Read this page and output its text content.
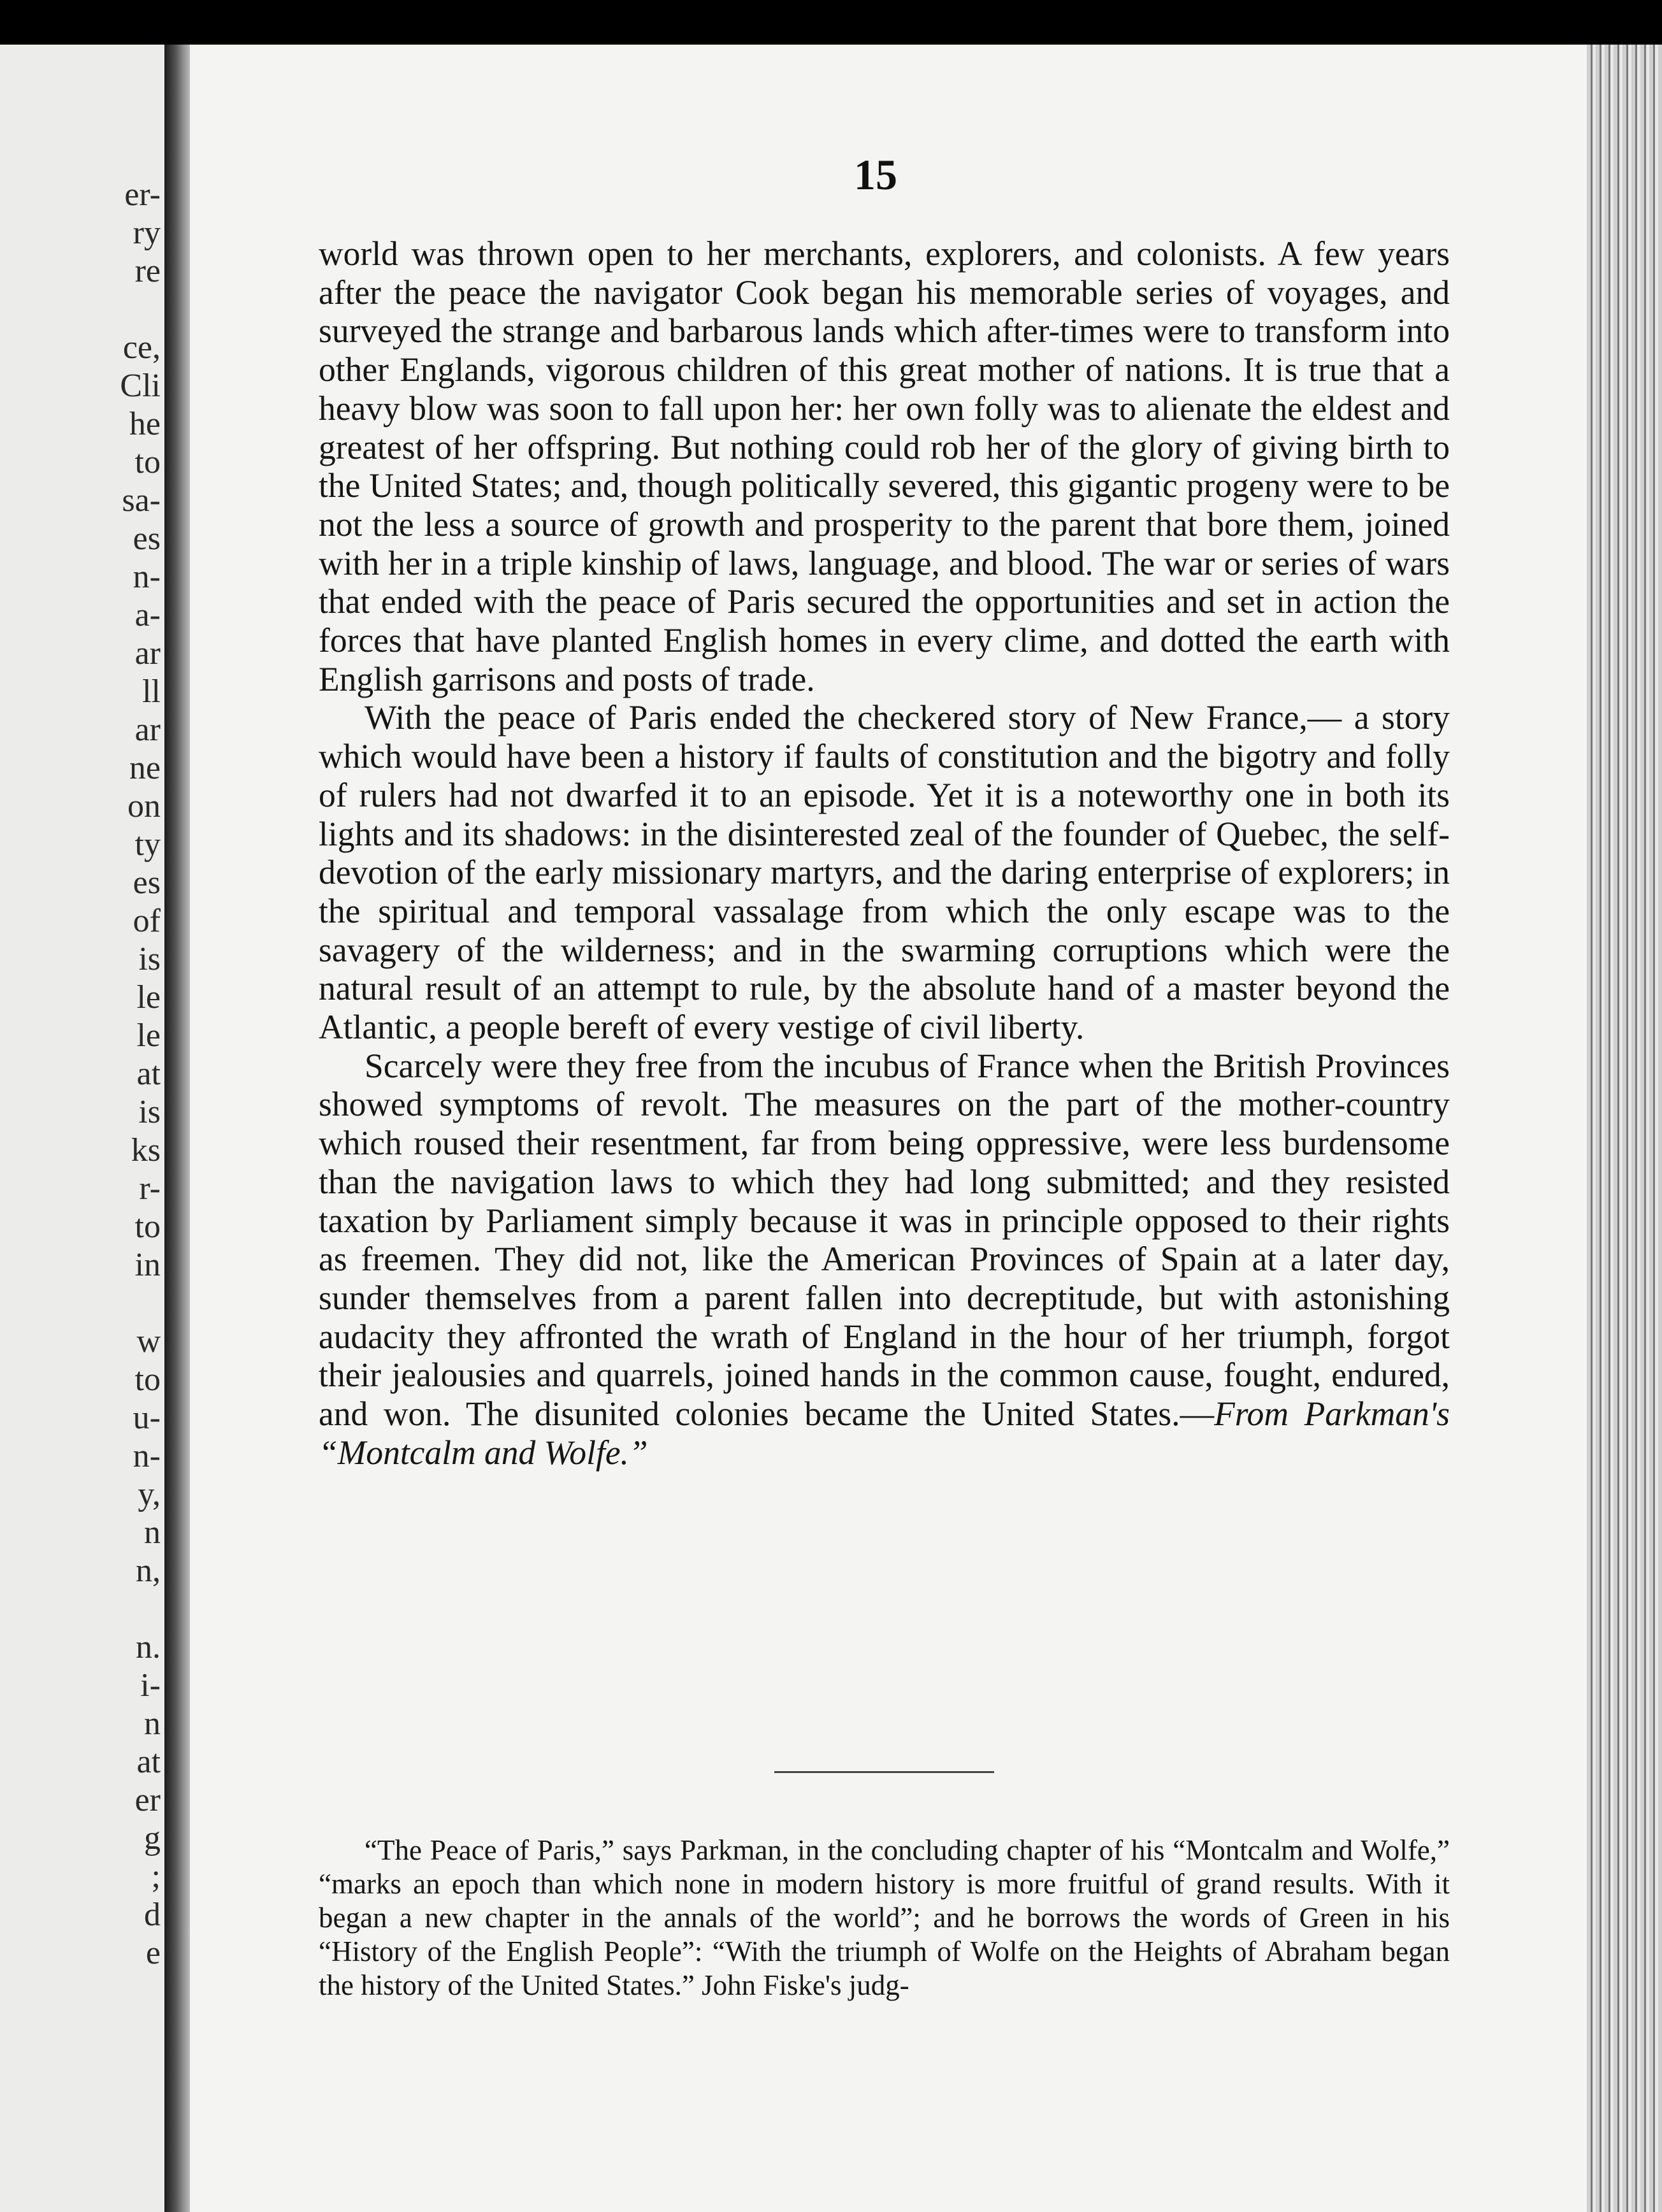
er-

ry

re

ce,

Cli

he

to

sa-

es

n-

a-

ar

ll

ar

ne

on

ty

es

of

is

le

le

at

is

ks

r-

to

in

w

to

u-

n-

y,

n

n,

n.

i-

n

at

er

g

;

d

e

15

world was thrown open to her merchants, explorers, and colonists. A few years after the peace the navigator Cook began his memorable series of voyages, and surveyed the strange and barbarous lands which after-times were to transform into other Englands, vigorous children of this great mother of nations. It is true that a heavy blow was soon to fall upon her: her own folly was to alienate the eldest and greatest of her offspring. But nothing could rob her of the glory of giving birth to the United States; and, though politically severed, this gigantic progeny were to be not the less a source of growth and prosperity to the parent that bore them, joined with her in a triple kinship of laws, language, and blood. The war or series of wars that ended with the peace of Paris secured the opportunities and set in action the forces that have planted English homes in every clime, and dotted the earth with English garrisons and posts of trade.

With the peace of Paris ended the checkered story of New France,— a story which would have been a history if faults of constitution and the bigotry and folly of rulers had not dwarfed it to an episode. Yet it is a noteworthy one in both its lights and its shadows: in the disinterested zeal of the founder of Quebec, the self-devotion of the early missionary martyrs, and the daring enterprise of explorers; in the spiritual and temporal vassalage from which the only escape was to the savagery of the wilderness; and in the swarming corruptions which were the natural result of an attempt to rule, by the absolute hand of a master beyond the Atlantic, a people bereft of every vestige of civil liberty.

Scarcely were they free from the incubus of France when the British Provinces showed symptoms of revolt. The measures on the part of the mother-country which roused their resentment, far from being oppressive, were less burdensome than the navigation laws to which they had long submitted; and they resisted taxation by Parliament simply because it was in principle opposed to their rights as freemen. They did not, like the American Provinces of Spain at a later day, sunder themselves from a parent fallen into decreptitude, but with astonishing audacity they affronted the wrath of England in the hour of her triumph, forgot their jealousies and quarrels, joined hands in the common cause, fought, endured, and won. The disunited colonies became the United States.—From Parkman's “Montcalm and Wolfe.”

“The Peace of Paris,” says Parkman, in the concluding chapter of his “Montcalm and Wolfe,” “marks an epoch than which none in modern history is more fruitful of grand results. With it began a new chapter in the annals of the world”; and he borrows the words of Green in his “History of the English People”: “With the triumph of Wolfe on the Heights of Abraham began the history of the United States.” John Fiske's judg-
